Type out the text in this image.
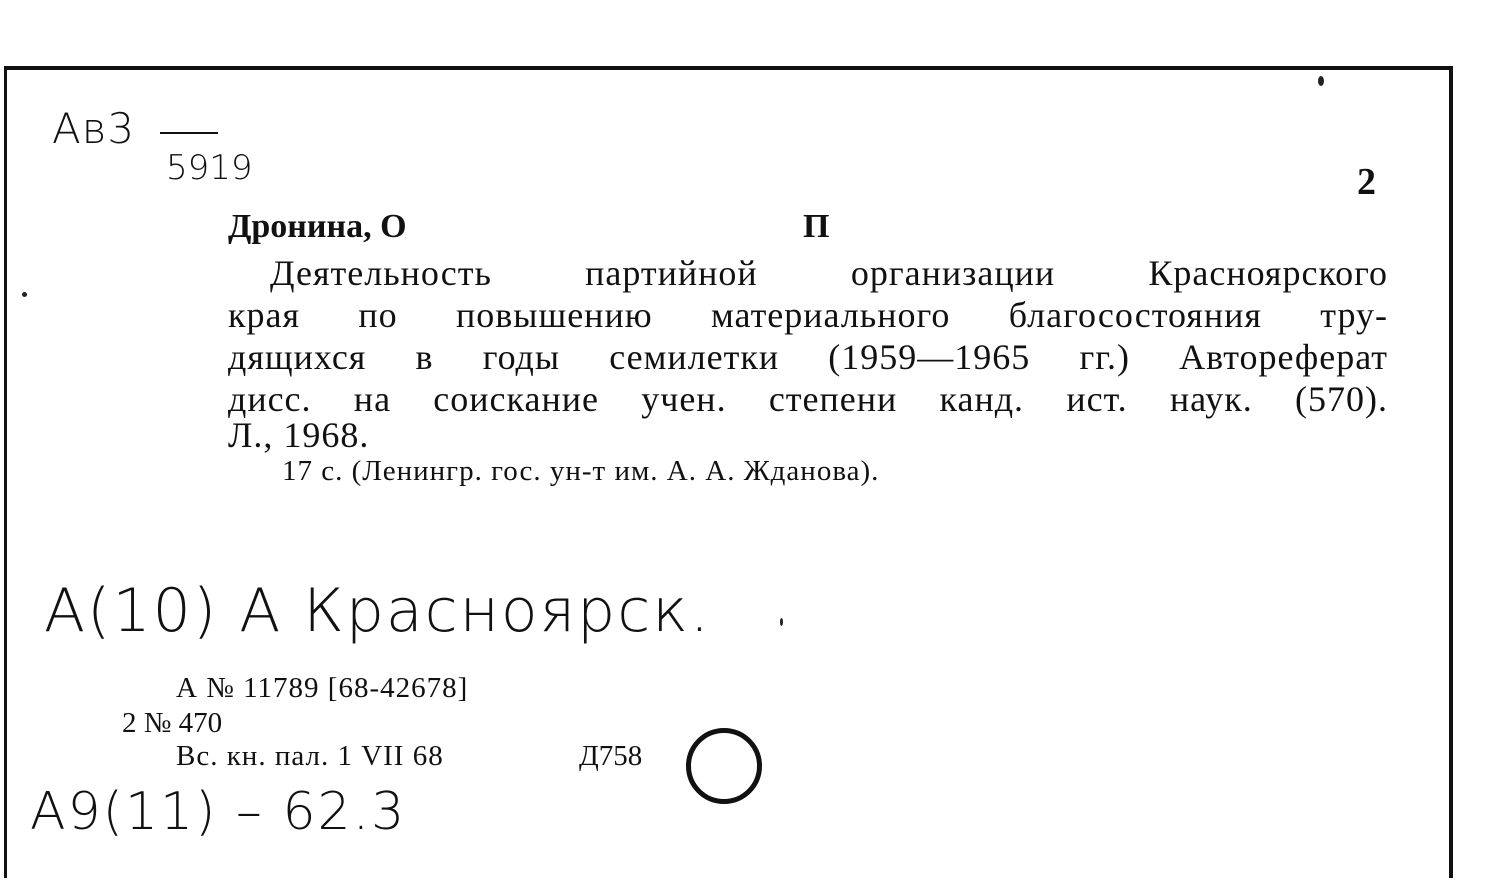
Ав3
5919	2
Дронина, О	П
Деятельность партийной организации Красноярского
края по повышению материального благосостояния тру-
дящихся в годы семилетки (1959—1965 гг.) Автореферат
дисс. на соискание учен. степени канд. ист. наук. (570).
Л., 1968.
17 с. (Ленингр. гос. ун-т им. А. А. Жданова).
А(10) А Красноярск.
А № 11789 [68-42678]
2 № 470
Вс. кн. пал. 1 VII 68	Д758
А9(11) – 62.3
